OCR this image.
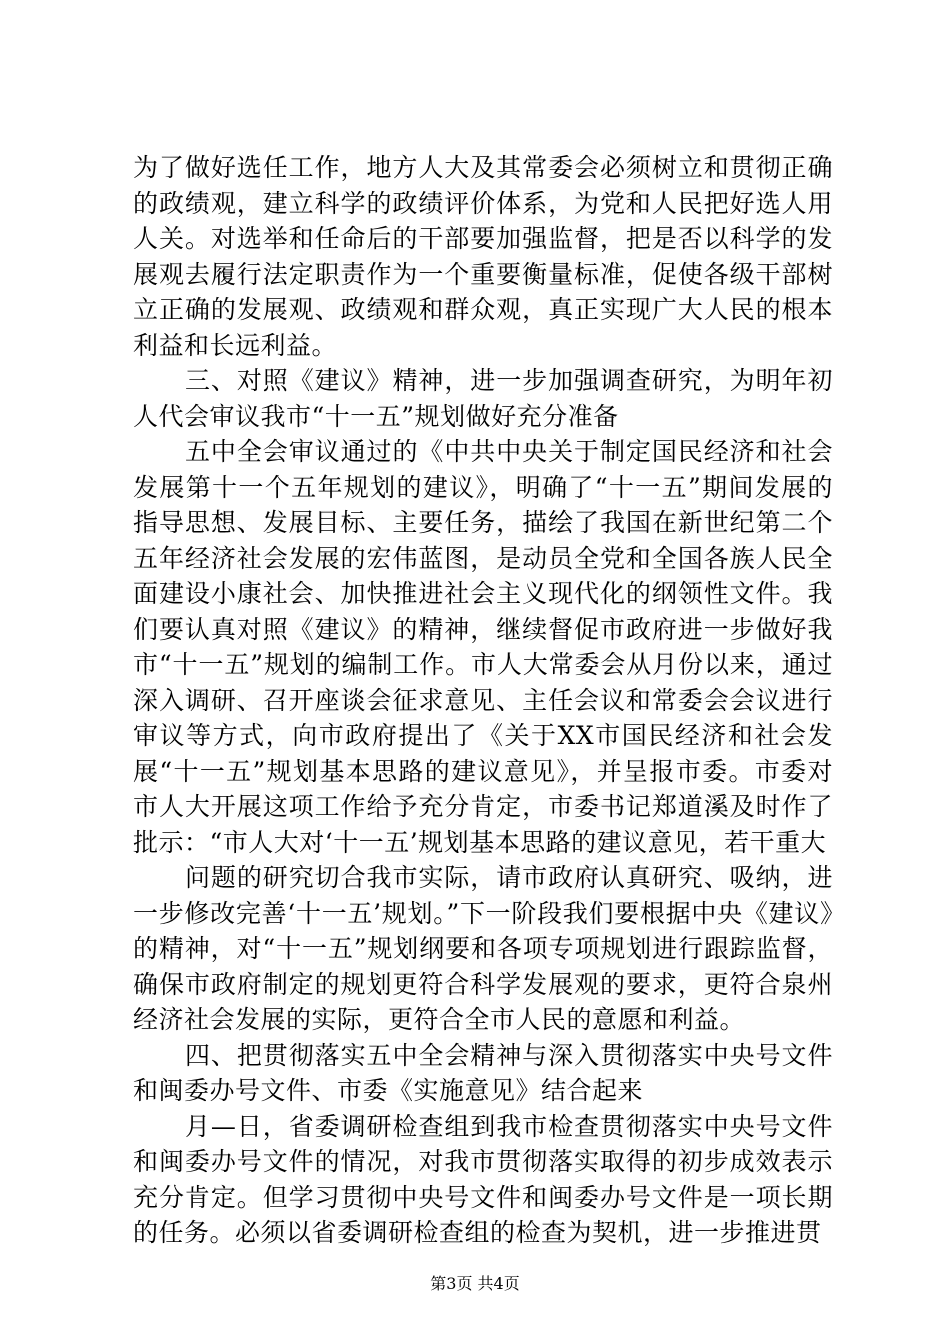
为了做好选任工作，地方人大及其常委会必须树立和贯彻正确的政绩观，建立科学的政绩评价体系，为党和人民把好选人用人关。对选举和任命后的干部要加强监督，把是否以科学的发展观去履行法定职责作为一个重要衡量标准，促使各级干部树立正确的发展观、政绩观和群众观，真正实现广大人民的根本利益和长远利益。

三、对照《建议》精神，进一步加强调查研究，为明年初人代会审议我市“十一五”规划做好充分准备

五中全会审议通过的《中共中央关于制定国民经济和社会发展第十一个五年规划的建议》，明确了“十一五”期间发展的指导思想、发展目标、主要任务，描绘了我国在新世纪第二个五年经济社会发展的宏伟蓝图，是动员全党和全国各族人民全面建设小康社会、加快推进社会主义现代化的纲领性文件。我们要认真对照《建议》的精神，继续督促市政府进一步做好我市“十一五”规划的编制工作。市人大常委会从月份以来，通过深入调研、召开座谈会征求意见、主任会议和常委会会议进行审议等方式，向市政府提出了《关于XX市国民经济和社会发展“十一五”规划基本思路的建议意见》，并呈报市委。市委对市人大开展这项工作给予充分肯定，市委书记郑道溪及时作了批示：“市人大对‘十一五’规划基本思路的建议意见，若干重大

问题的研究切合我市实际，请市政府认真研究、吸纳，进一步修改完善‘十一五’规划。”下一阶段我们要根据中央《建议》的精神，对“十一五”规划纲要和各项专项规划进行跟踪监督，确保市政府制定的规划更符合科学发展观的要求，更符合泉州经济社会发展的实际，更符合全市人民的意愿和利益。

四、把贯彻落实五中全会精神与深入贯彻落实中央号文件和闽委办号文件、市委《实施意见》结合起来

月—日，省委调研检查组到我市检查贯彻落实中央号文件和闽委办号文件的情况，对我市贯彻落实取得的初步成效表示充分肯定。但学习贯彻中央号文件和闽委办号文件是一项长期的任务。必须以省委调研检查组的检查为契机，进一步推进贯

第3页 共4页
